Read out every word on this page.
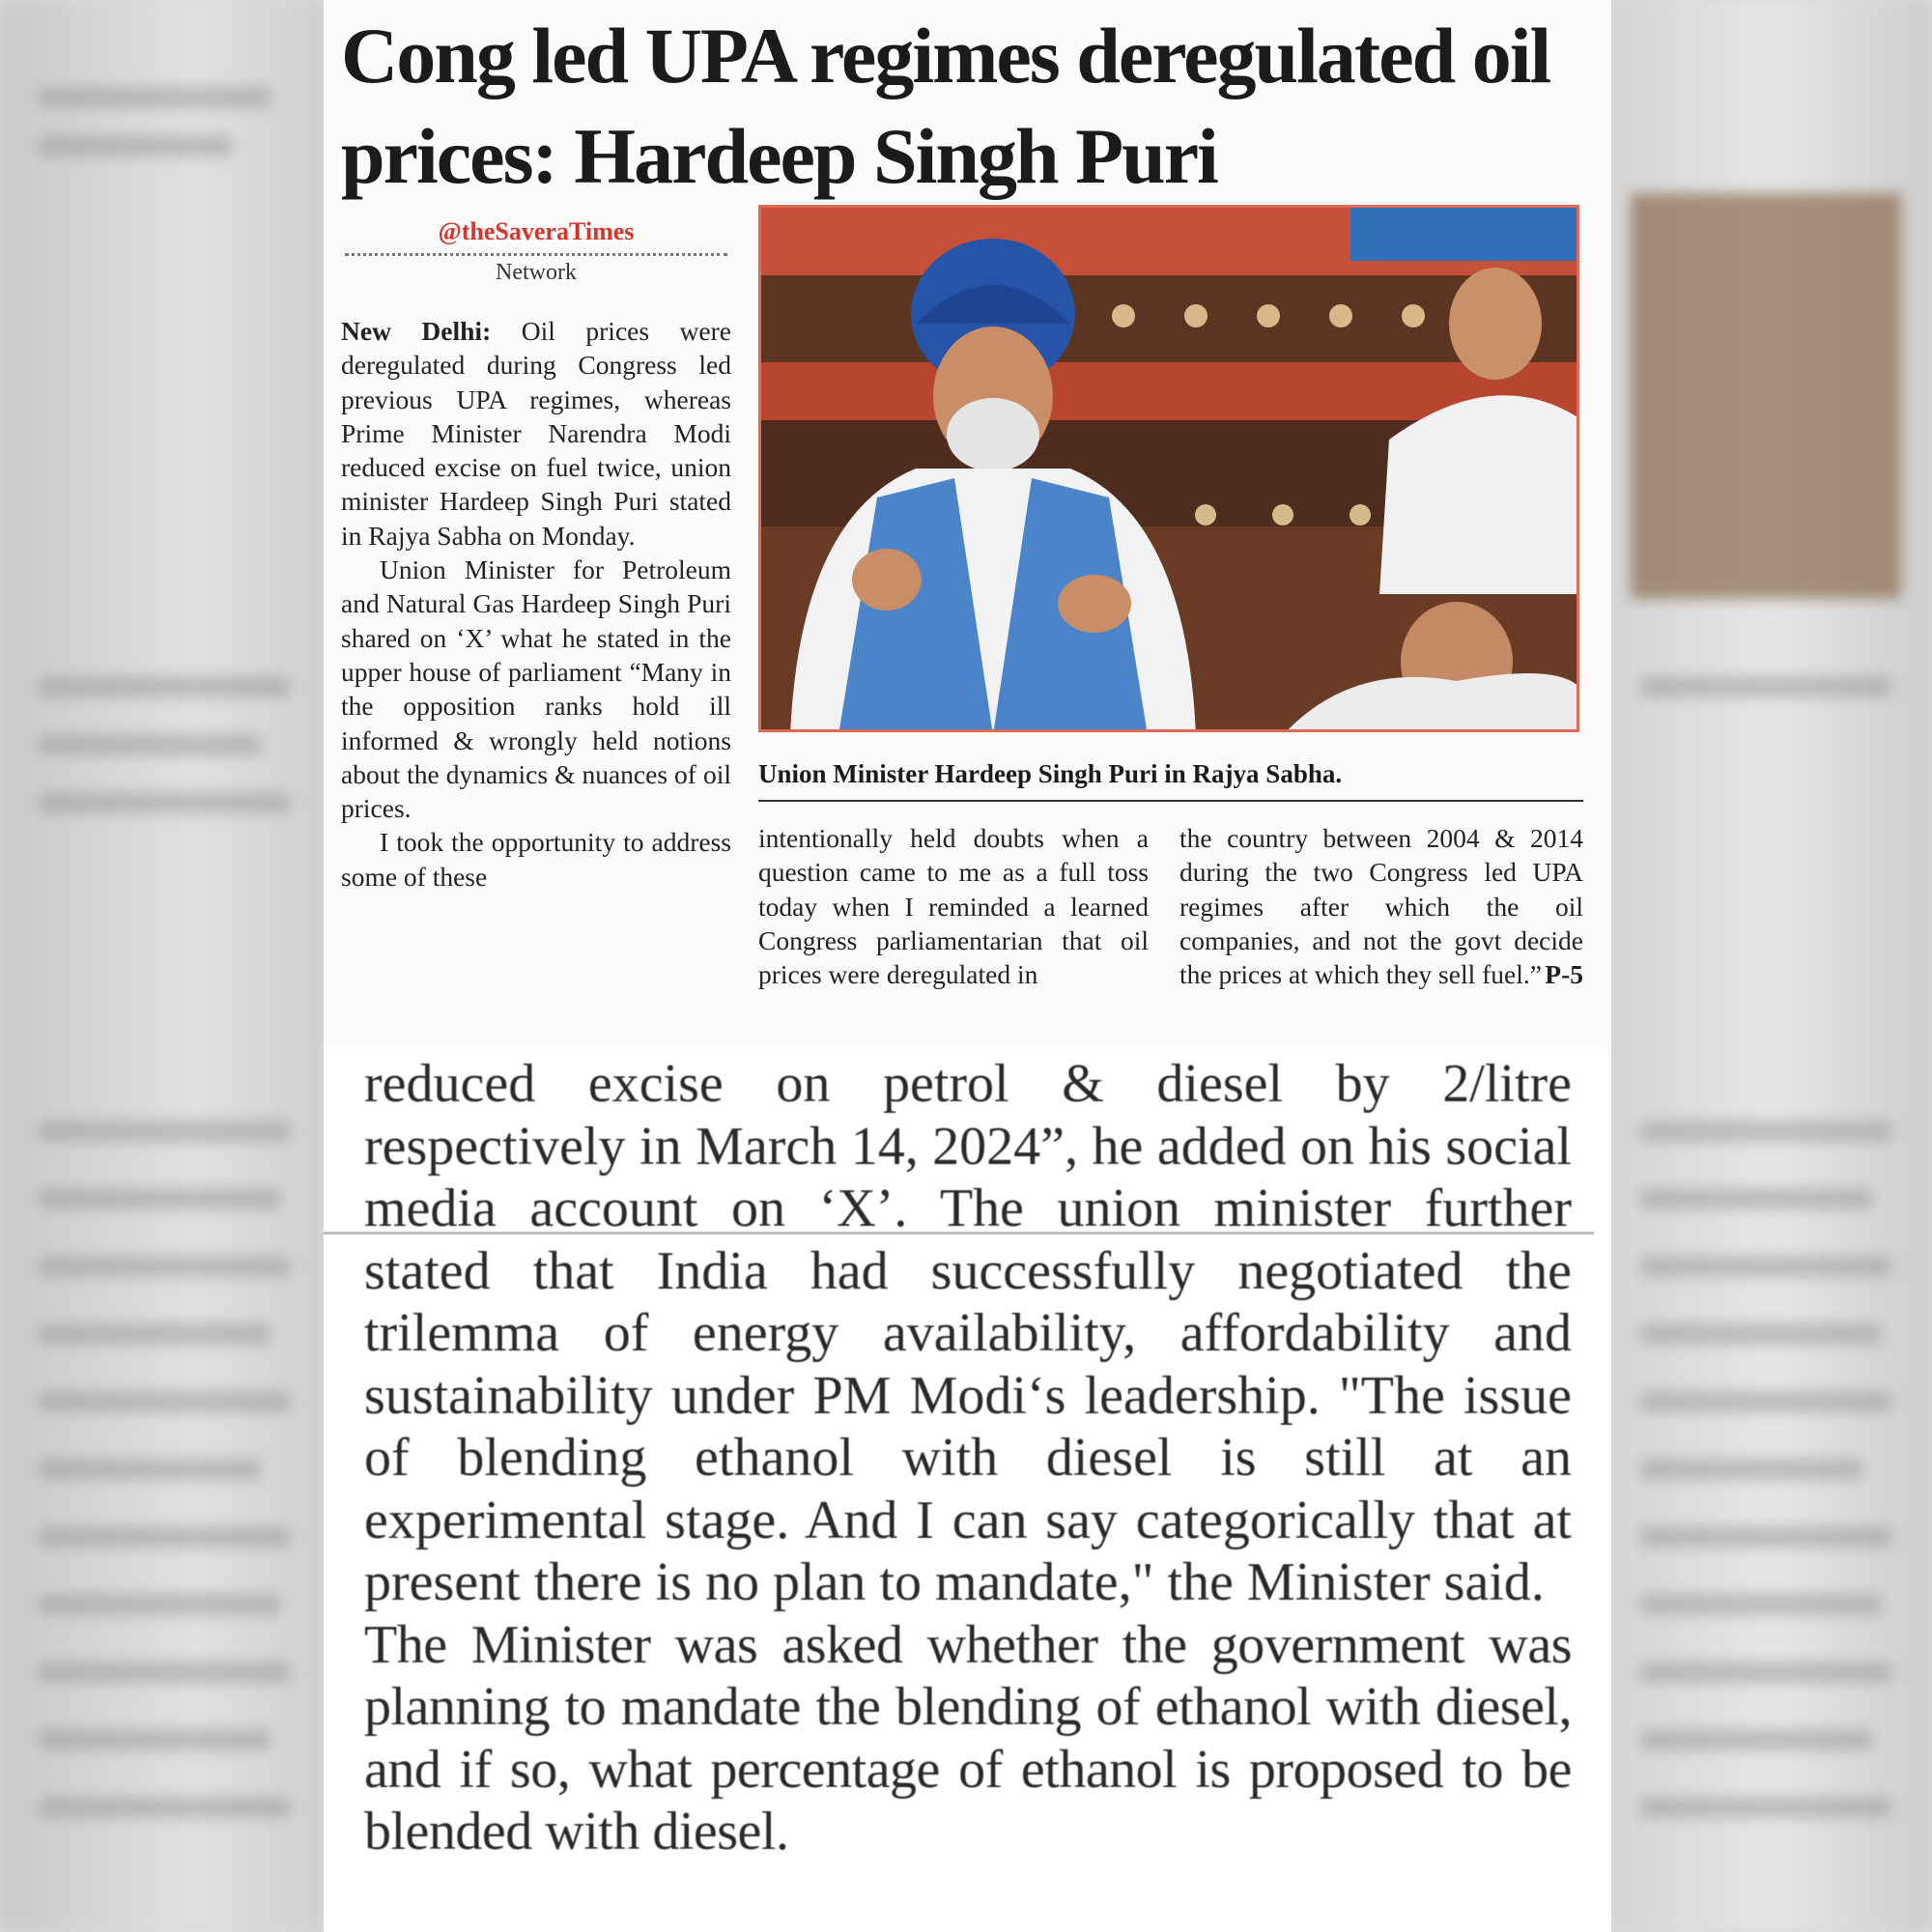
Cong led UPA regimes deregulated oil prices: Hardeep Singh Puri
@theSaveraTimes
Network

New Delhi: Oil prices were deregulated during Congress led previous UPA regimes, whereas Prime Minister Narendra Modi reduced excise on fuel twice, union minister Hardeep Singh Puri stated in Rajya Sabha on Monday.

Union Minister for Petroleum and Natural Gas Hardeep Singh Puri shared on ‘X’ what he stated in the upper house of parliament “Many in the opposition ranks hold ill informed & wrongly held notions about the dynamics & nuances of oil prices.

I took the opportunity to address some of these

Union Minister Hardeep Singh Puri in Rajya Sabha.

intentionally held doubts when a question came to me as a full toss today when I reminded a learned Congress parliamentarian that oil prices were deregulated in

the country between 2004 & 2014 during the two Congress led UPA regimes after which the oil companies, and not the govt decide the prices at which they sell fuel.” P-5

reduced excise on petrol & diesel by 2/litre respectively in March 14, 2024”, he added on his social media account on ‘X’. The union minister further stated that India had successfully negotiated the trilemma of energy availability, affordability and sustainability under PM Modi‘s leadership. "The issue of blending ethanol with diesel is still at an experimental stage. And I can say categorically that at present there is no plan to mandate," the Minister said.

The Minister was asked whether the government was planning to mandate the blending of ethanol with diesel, and if so, what percentage of ethanol is proposed to be blended with diesel.
